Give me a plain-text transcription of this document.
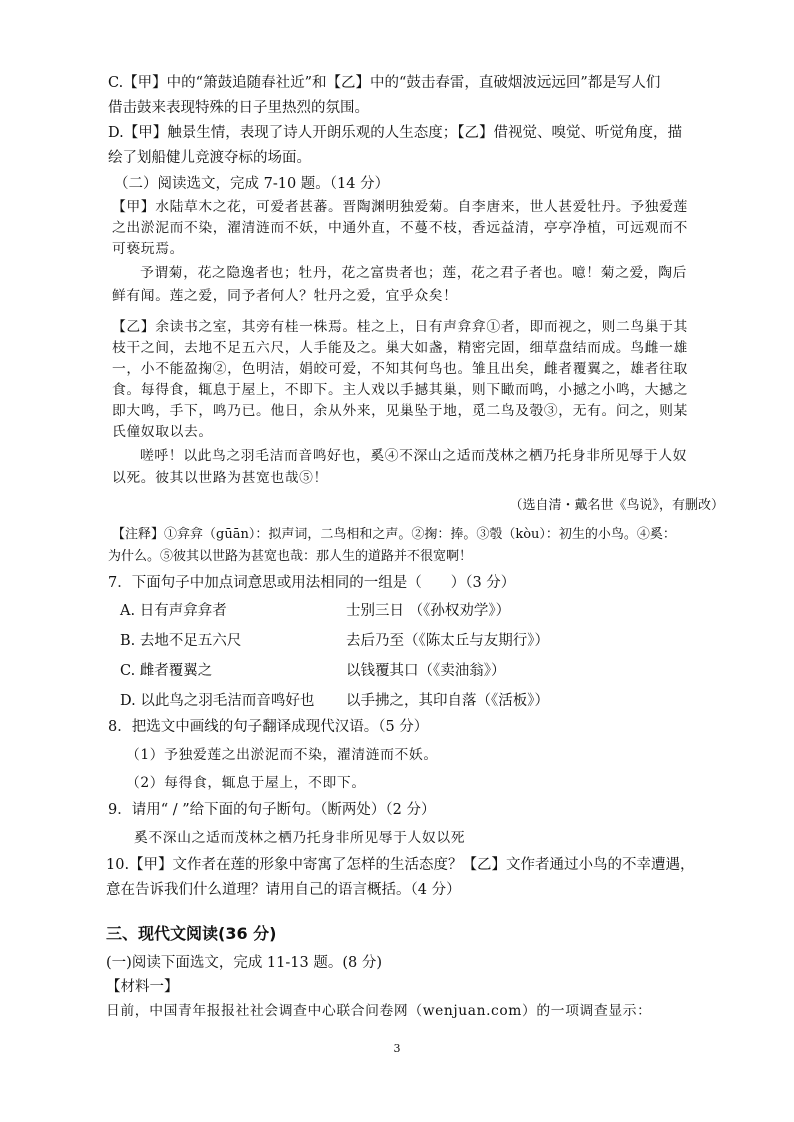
C.【甲】中的“箫鼓追随春社近”和【乙】中的“鼓击春雷，直破烟波远远回”都是写人们
借击鼓来表现特殊的日子里热烈的氛围。
D.【甲】触景生情，表现了诗人开朗乐观的人生态度；【乙】借视觉、嗅觉、听觉角度，描
绘了划船健儿竞渡夺标的场面。
（二）阅读选文，完成 7-10 题。（14 分）
【甲】水陆草木之花，可爱者甚蕃。晋陶渊明独爱菊。自李唐来，世人甚爱牡丹。予独爱莲
之出淤泥而不染，濯清涟而不妖，中通外直，不蔓不枝，香远益清，亭亭净植，可远观而不
可亵玩焉。
予谓菊，花之隐逸者也；牡丹，花之富贵者也；莲，花之君子者也。噫！菊之爱，陶后
鲜有闻。莲之爱，同予者何人？牡丹之爱，宜乎众矣！
【乙】余读书之室，其旁有桂一株焉。桂之上，日有声弇弇①者，即而视之，则二鸟巢于其
枝干之间，去地不足五六尺，人手能及之。巢大如盏，精密完固，细草盘结而成。鸟雌一雄
一，小不能盈掬②，色明洁，娟皎可爱，不知其何鸟也。雏且出矣，雌者覆翼之，雄者往取
食。每得食，辄息于屋上，不即下。主人戏以手撼其巢，则下瞰而鸣，小撼之小鸣，大撼之
即大鸣，手下，鸣乃已。他日，余从外来，见巢坠于地，觅二鸟及彀③，无有。问之，则某
氏僮奴取以去。
嗟呼！以此鸟之羽毛洁而音鸣好也，奚④不深山之适而茂林之栖乃托身非所见辱于人奴
以死。彼其以世路为甚宽也哉⑤！
（选自清・戴名世《鸟说》，有删改）
【注释】①弇弇（gūān）：拟声词，二鸟相和之声。②掬：捧。③彀（kòu）：初生的小鸟。④奚：
为什么。⑤彼其以世路为甚宽也哉：那人生的道路并不很宽啊！
7．下面句子中加点词意思或用法相同的一组是（　　）（3 分）
A. 日有声弇弇者	士别三日 （《孙权劝学》）
B. 去地不足五六尺	去后乃至（《陈太丘与友期行》）
C. 雌者覆翼之	以钱覆其口（《卖油翁》）
D. 以此鸟之羽毛洁而音鸣好也 以手拂之，其印自落（《活板》）
8．把选文中画线的句子翻译成现代汉语。（5 分）
（1）予独爱莲之出淤泥而不染，濯清涟而不妖。
（2）每得食，辄息于屋上，不即下。
9．请用“ / ”给下面的句子断句。（断两处）（2 分）
奚不深山之适而茂林之栖乃托身非所见辱于人奴以死
10.【甲】文作者在莲的形象中寄寓了怎样的生活态度？【乙】文作者通过小鸟的不幸遭遇，
意在告诉我们什么道理？请用自己的语言概括。（4 分）
三、现代文阅读(36 分)
(一)阅读下面选文，完成 11-13 题。(8 分)
【材料一】
日前，中国青年报报社社会调查中心联合问卷网（wenjuan.com）的一项调查显示：
3
